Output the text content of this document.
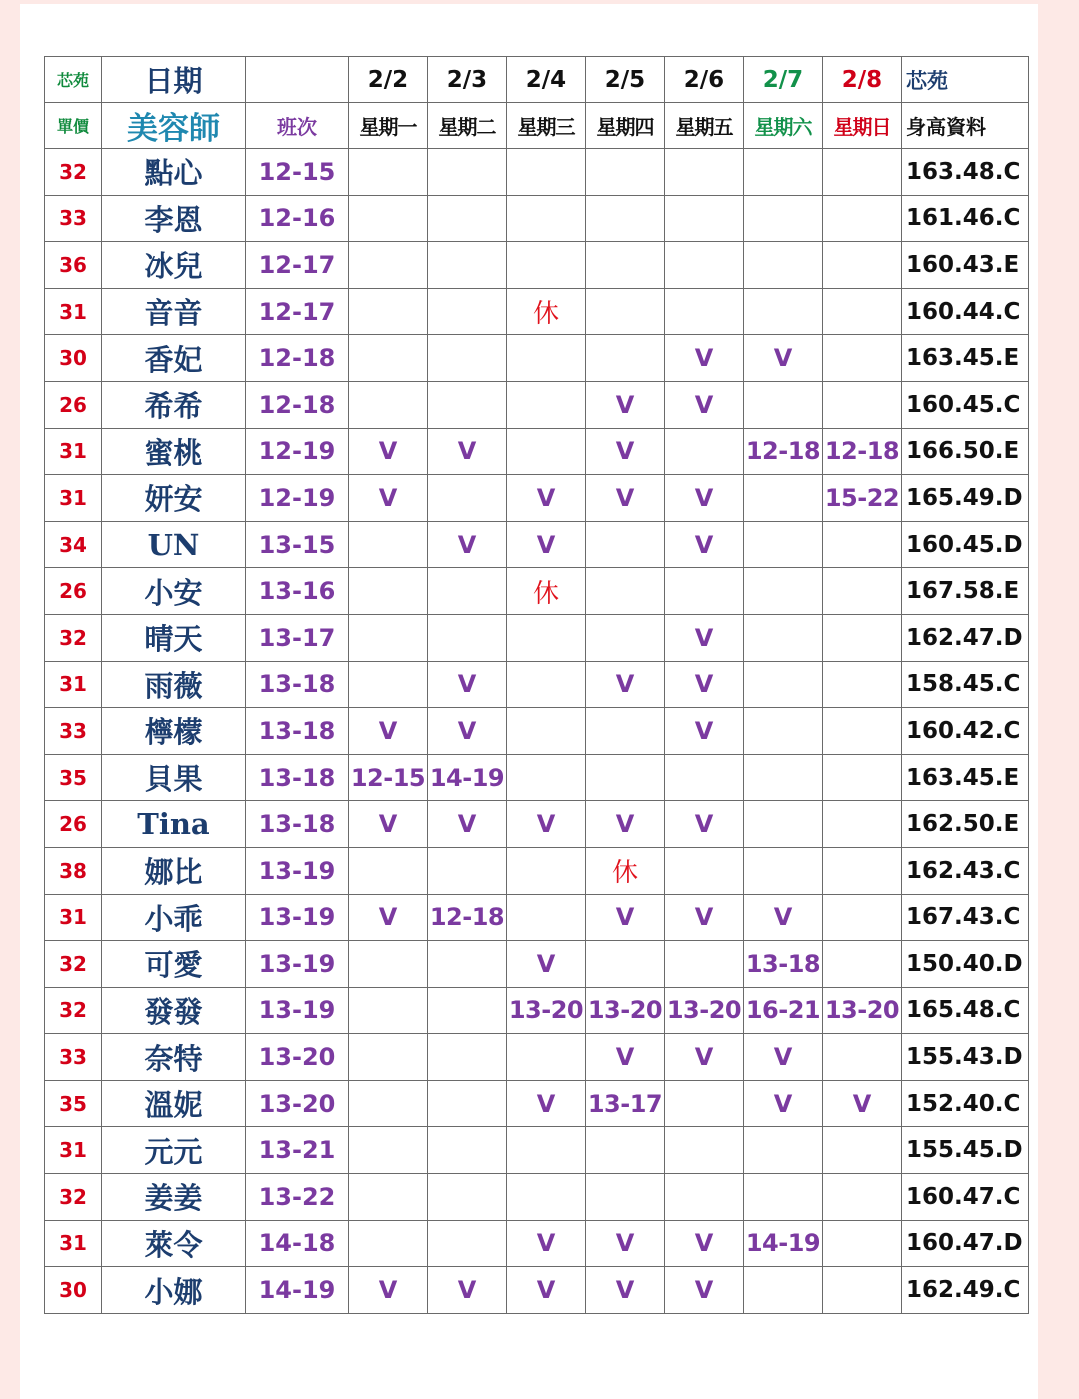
芯苑	日期		2/2	2/3	2/4	2/5	2/6	2/7	2/8	芯苑
單價	美容師	班次	星期一	星期二	星期三	星期四	星期五	星期六	星期日	身高資料
32	點心	12-15								163.48.C
33	李恩	12-16								161.46.C
36	冰兒	12-17								160.43.E
31	音音	12-17			休					160.44.C
30	香妃	12-18					V	V		163.45.E
26	希希	12-18				V	V			160.45.C
31	蜜桃	12-19	V	V		V		12-18	12-18	166.50.E
31	妍安	12-19	V		V	V	V		15-22	165.49.D
34	UN	13-15		V	V		V			160.45.D
26	小安	13-16			休					167.58.E
32	晴天	13-17					V			162.47.D
31	雨薇	13-18		V		V	V			158.45.C
33	檸檬	13-18	V	V			V			160.42.C
35	貝果	13-18	12-15	14-19						163.45.E
26	Tina	13-18	V	V	V	V	V			162.50.E
38	娜比	13-19				休				162.43.C
31	小乖	13-19	V	12-18		V	V	V		167.43.C
32	可愛	13-19			V			13-18		150.40.D
32	發發	13-19			13-20	13-20	13-20	16-21	13-20	165.48.C
33	奈特	13-20				V	V	V		155.43.D
35	溫妮	13-20			V	13-17		V	V	152.40.C
31	元元	13-21								155.45.D
32	姜姜	13-22								160.47.C
31	萊令	14-18			V	V	V	14-19		160.47.D
30	小娜	14-19	V	V	V	V	V			162.49.C
